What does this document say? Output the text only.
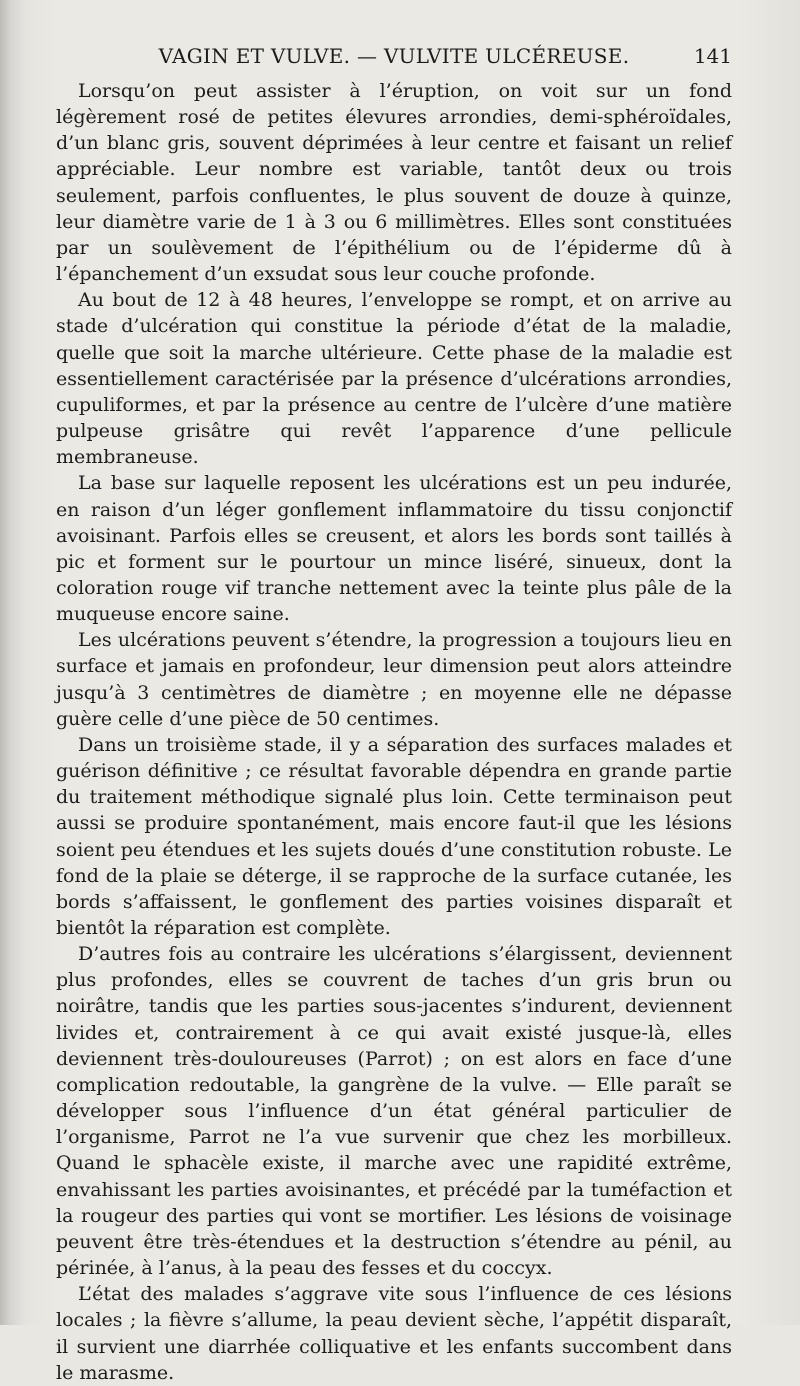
VAGIN ET VULVE. — VULVITE ULCÉREUSE.	141

Lorsqu’on peut assister à l’éruption, on voit sur un fond légèrement rosé de petites élevures arrondies, demi-sphéroïdales, d’un blanc gris, souvent déprimées à leur centre et faisant un relief appréciable. Leur nombre est variable, tantôt deux ou trois seulement, parfois confluentes, le plus souvent de douze à quinze, leur diamètre varie de 1 à 3 ou 6 millimètres. Elles sont constituées par un soulèvement de l’épithélium ou de l’épiderme dû à l’épanchement d’un exsudat sous leur couche profonde.

Au bout de 12 à 48 heures, l’enveloppe se rompt, et on arrive au stade d’ulcération qui constitue la période d’état de la maladie, quelle que soit la marche ultérieure. Cette phase de la maladie est essentiellement caractérisée par la présence d’ulcérations arrondies, cupuliformes, et par la présence au centre de l’ulcère d’une matière pulpeuse grisâtre qui revêt l’apparence d’une pellicule membraneuse.

La base sur laquelle reposent les ulcérations est un peu indurée, en raison d’un léger gonflement inflammatoire du tissu conjonctif avoisinant. Parfois elles se creusent, et alors les bords sont taillés à pic et forment sur le pourtour un mince liséré, sinueux, dont la coloration rouge vif tranche nettement avec la teinte plus pâle de la muqueuse encore saine.

Les ulcérations peuvent s’étendre, la progression a toujours lieu en surface et jamais en profondeur, leur dimension peut alors atteindre jusqu’à 3 centimètres de diamètre ; en moyenne elle ne dépasse guère celle d’une pièce de 50 centimes.

Dans un troisième stade, il y a séparation des surfaces malades et guérison définitive ; ce résultat favorable dépendra en grande partie du traitement méthodique signalé plus loin. Cette terminaison peut aussi se produire spontanément, mais encore faut-il que les lésions soient peu étendues et les sujets doués d’une constitution robuste. Le fond de la plaie se déterge, il se rapproche de la surface cutanée, les bords s’affaissent, le gonflement des parties voisines disparaît et bientôt la réparation est complète.

D’autres fois au contraire les ulcérations s’élargissent, deviennent plus profondes, elles se couvrent de taches d’un gris brun ou noirâtre, tandis que les parties sous-jacentes s’indurent, deviennent livides et, contrairement à ce qui avait existé jusque-là, elles deviennent très-douloureuses (Parrot) ; on est alors en face d’une complication redoutable, la gangrène de la vulve. — Elle paraît se développer sous l’influence d’un état général particulier de l’organisme, Parrot ne l’a vue survenir que chez les morbilleux. Quand le sphacèle existe, il marche avec une rapidité extrême, envahissant les parties avoisinantes, et précédé par la tuméfaction et la rougeur des parties qui vont se mortifier. Les lésions de voisinage peuvent être très-étendues et la destruction s’étendre au pénil, au périnée, à l’anus, à la peau des fesses et du coccyx.

L’état des malades s’aggrave vite sous l’influence de ces lésions locales ; la fièvre s’allume, la peau devient sèche, l’appétit disparaît, il survient une diarrhée colliquative et les enfants succombent dans le marasme.
